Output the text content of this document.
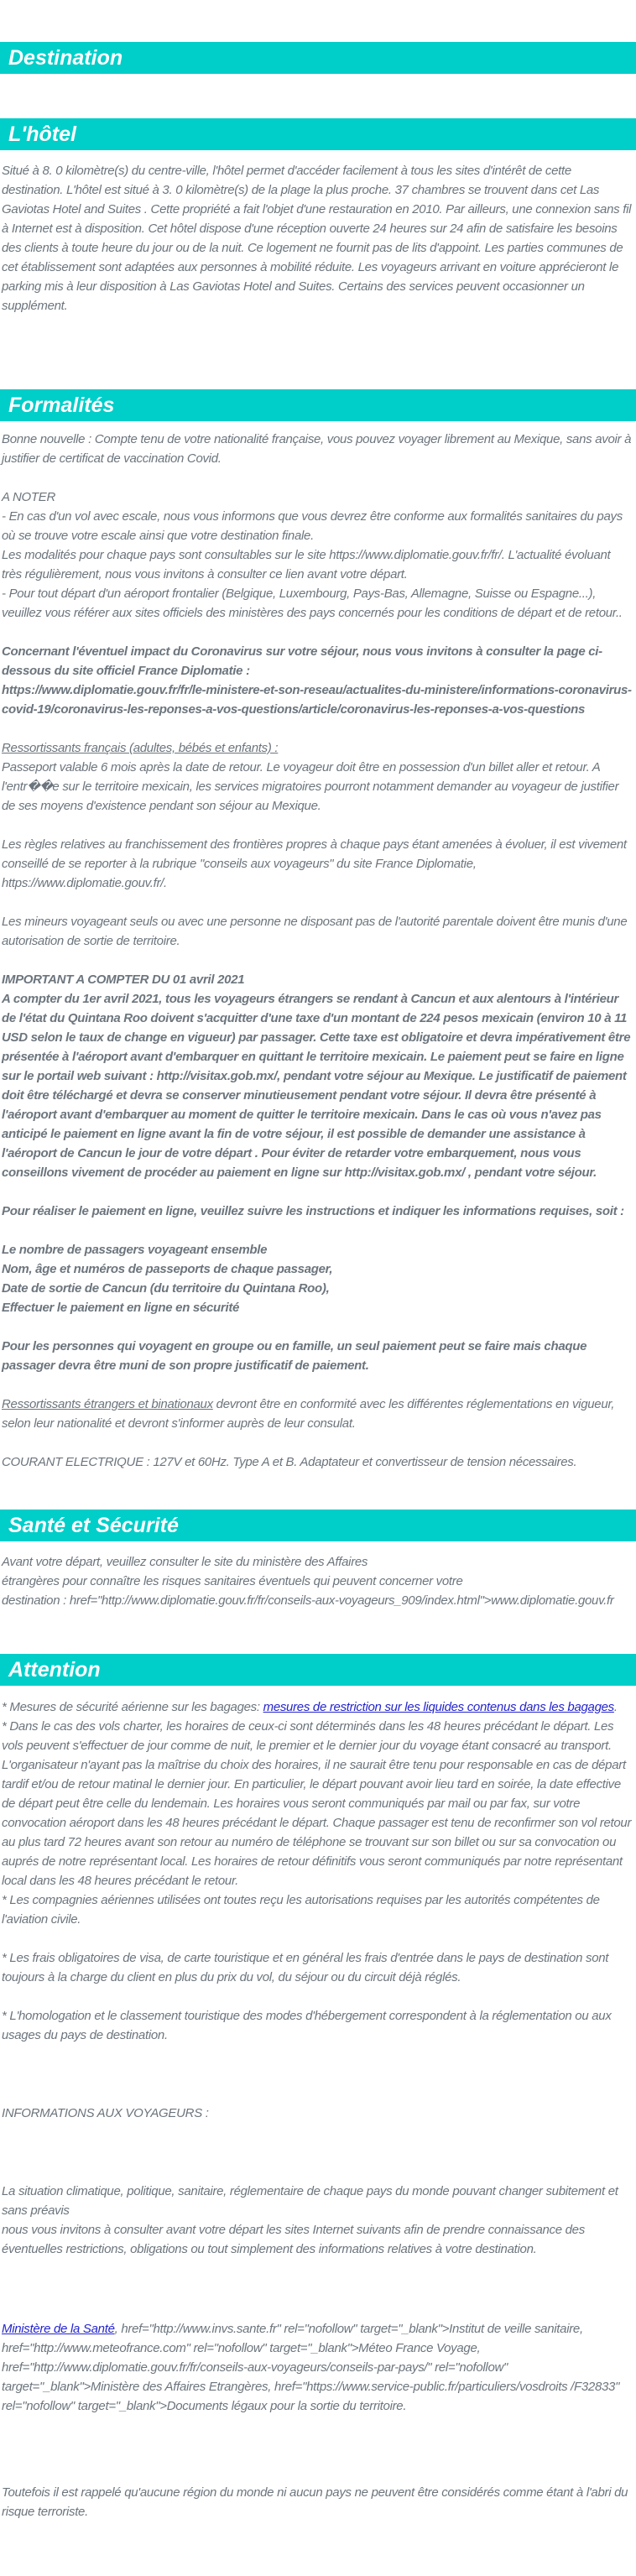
Destination
L'hôtel

Situé à 8. 0 kilomètre(s) du centre-ville, l'hôtel permet d'accéder facilement à tous les sites d'intérêt de cette destination. L'hôtel est situé à 3. 0 kilomètre(s) de la plage la plus proche. 37 chambres se trouvent dans cet Las Gaviotas Hotel and Suites . Cette propriété a fait l'objet d'une restauration en 2010. Par ailleurs, une connexion sans fil à Internet est à disposition. Cet hôtel dispose d'une réception ouverte 24 heures sur 24 afin de satisfaire les besoins des clients à toute heure du jour ou de la nuit. Ce logement ne fournit pas de lits d'appoint. Les parties communes de cet établissement sont adaptées aux personnes à mobilité réduite. Les voyageurs arrivant en voiture apprécieront le parking mis à leur disposition à Las Gaviotas Hotel and Suites. Certains des services peuvent occasionner un supplément.

Formalités

Bonne nouvelle : Compte tenu de votre nationalité française, vous pouvez voyager librement au Mexique, sans avoir à justifier de certificat de vaccination Covid.

A NOTER

- En cas d'un vol avec escale, nous vous informons que vous devrez être conforme aux formalités sanitaires du pays où se trouve votre escale ainsi que votre destination finale.

Les modalités pour chaque pays sont consultables sur le site https://www.diplomatie.gouv.fr/fr/. L'actualité évoluant très régulièrement, nous vous invitons à consulter ce lien avant votre départ.

- Pour tout départ d'un aéroport frontalier (Belgique, Luxembourg, Pays-Bas, Allemagne, Suisse ou Espagne...), veuillez vous référer aux sites officiels des ministères des pays concernés pour les conditions de départ et de retour..

Concernant l'éventuel impact du Coronavirus sur votre séjour, nous vous invitons à consulter la page ci-dessous du site officiel France Diplomatie :

https://www.diplomatie.gouv.fr/fr/le-ministere-et-son-reseau/actualites-du-ministere/informations-coronavirus-covid-19/coronavirus-les-reponses-a-vos-questions/article/coronavirus-les-reponses-a-vos-questions

Ressortissants français (adultes, bébés et enfants) :

Passeport valable 6 mois après la date de retour. Le voyageur doit être en possession d'un billet aller et retour. A l'entr��e sur le territoire mexicain, les services migratoires pourront notamment demander au voyageur de justifier de ses moyens d'existence pendant son séjour au Mexique.

Les règles relatives au franchissement des frontières propres à chaque pays étant amenées à évoluer, il est vivement conseillé de se reporter à la rubrique "conseils aux voyageurs" du site France Diplomatie, https://www.diplomatie.gouv.fr/.

Les mineurs voyageant seuls ou avec une personne ne disposant pas de l'autorité parentale doivent être munis d'une autorisation de sortie de territoire.

IMPORTANT A COMPTER DU 01 avril 2021

A compter du 1er avril 2021, tous les voyageurs étrangers se rendant à Cancun et aux alentours à l'intérieur de l'état du Quintana Roo doivent s'acquitter d'une taxe d'un montant de 224 pesos mexicain (environ 10 à 11 USD selon le taux de change en vigueur) par passager. Cette taxe est obligatoire et devra impérativement être présentée à l'aéroport avant d'embarquer en quittant le territoire mexicain. Le paiement peut se faire en ligne sur le portail web suivant : http://visitax.gob.mx/, pendant votre séjour au Mexique. Le justificatif de paiement doit être téléchargé et devra se conserver minutieusement pendant votre séjour. Il devra être présenté à l'aéroport avant d'embarquer au moment de quitter le territoire mexicain. Dans le cas où vous n'avez pas anticipé le paiement en ligne avant la fin de votre séjour, il est possible de demander une assistance à l'aéroport de Cancun le jour de votre départ . Pour éviter de retarder votre embarquement, nous vous conseillons vivement de procéder au paiement en ligne sur http://visitax.gob.mx/ , pendant votre séjour.

Pour réaliser le paiement en ligne, veuillez suivre les instructions et indiquer les informations requises, soit :

Le nombre de passagers voyageant ensemble
Nom, âge et numéros de passeports de chaque passager,
Date de sortie de Cancun (du territoire du Quintana Roo),
Effectuer le paiement en ligne en sécurité

Pour les personnes qui voyagent en groupe ou en famille, un seul paiement peut se faire mais chaque passager devra être muni de son propre justificatif de paiement.

Ressortissants étrangers et binationaux devront être en conformité avec les différentes réglementations en vigueur, selon leur nationalité et devront s'informer auprès de leur consulat.

COURANT ELECTRIQUE : 127V et 60Hz. Type A et B. Adaptateur et convertisseur de tension nécessaires.

Santé et Sécurité

Avant votre départ, veuillez consulter le site du ministère des Affaires

étrangères pour connaître les risques sanitaires éventuels qui peuvent concerner votre

destination : href="http://www.diplomatie.gouv.fr/fr/conseils-aux-voyageurs_909/index.html">www.diplomatie.gouv.fr

Attention

* Mesures de sécurité aérienne sur les bagages: mesures de restriction sur les liquides contenus dans les bagages.

* Dans le cas des vols charter, les horaires de ceux-ci sont déterminés dans les 48 heures précédant le départ. Les vols peuvent s'effectuer de jour comme de nuit, le premier et le dernier jour du voyage étant consacré au transport. L'organisateur n'ayant pas la maîtrise du choix des horaires, il ne saurait être tenu pour responsable en cas de départ tardif et/ou de retour matinal le dernier jour. En particulier, le départ pouvant avoir lieu tard en soirée, la date effective de départ peut être celle du lendemain. Les horaires vous seront communiqués par mail ou par fax, sur votre convocation aéroport dans les 48 heures précédant le départ. Chaque passager est tenu de reconfirmer son vol retour au plus tard 72 heures avant son retour au numéro de téléphone se trouvant sur son billet ou sur sa convocation ou auprés de notre représentant local. Les horaires de retour définitifs vous seront communiqués par notre représentant local dans les 48 heures précédant le retour.

* Les compagnies aériennes utilisées ont toutes reçu les autorisations requises par les autorités compétentes de l'aviation civile.

* Les frais obligatoires de visa, de carte touristique et en général les frais d'entrée dans le pays de destination sont toujours à la charge du client en plus du prix du vol, du séjour ou du circuit déjà réglés.

* L'homologation et le classement touristique des modes d'hébergement correspondent à la réglementation ou aux usages du pays de destination.

INFORMATIONS AUX VOYAGEURS :

La situation climatique, politique, sanitaire, réglementaire de chaque pays du monde pouvant changer subitement et sans préavis
nous vous invitons à consulter avant votre départ les sites Internet suivants afin de prendre connaissance des éventuelles restrictions, obligations ou tout simplement des informations relatives à votre destination.

Ministère de la Santé, href="http://www.invs.sante.fr" rel="nofollow" target="_blank">Institut de veille sanitaire, href="http://www.meteofrance.com" rel="nofollow" target="_blank">Méteo France Voyage, href="http://www.diplomatie.gouv.fr/fr/conseils-aux-voyageurs/conseils-par-pays/" rel="nofollow" target="_blank">Ministère des Affaires Etrangères, href="https://www.service-public.fr/particuliers/vosdroits /F32833" rel="nofollow" target="_blank">Documents légaux pour la sortie du territoire.

Toutefois il est rappelé qu'aucune région du monde ni aucun pays ne peuvent être considérés comme étant à l'abri du risque terroriste.
